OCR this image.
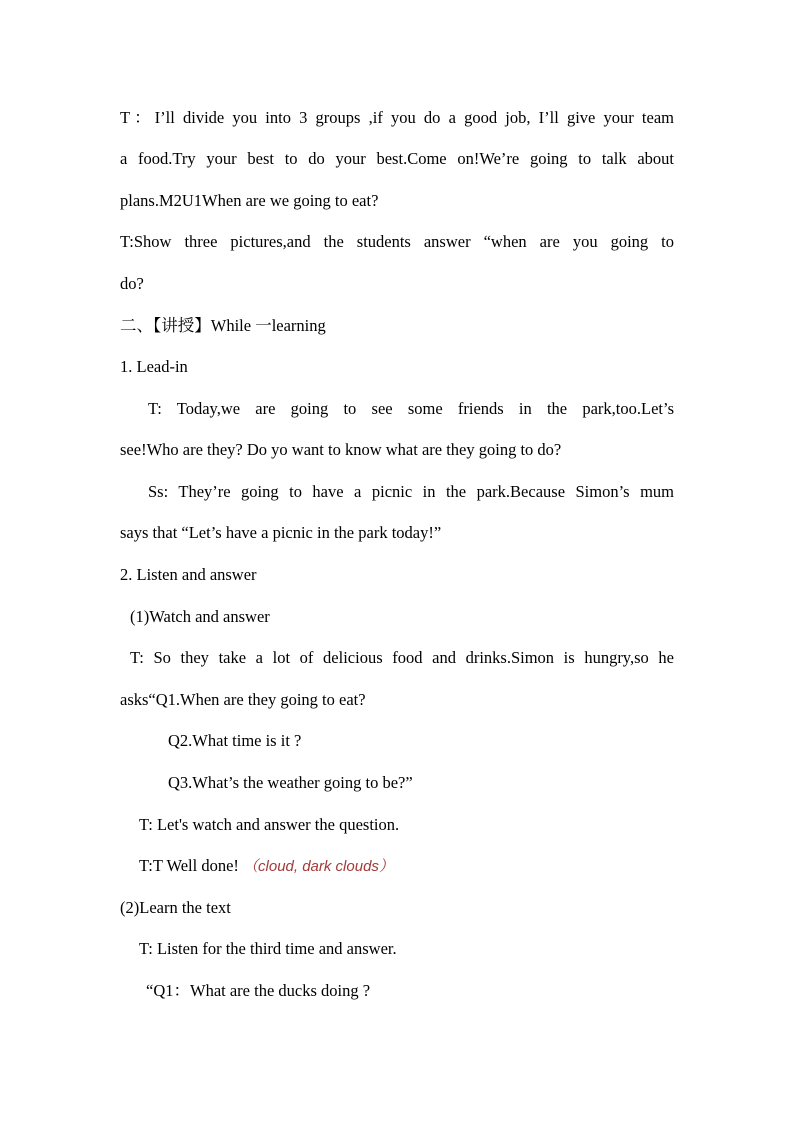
T：I’ll divide you into 3 groups ,if you do a good job, I’ll give your team
a food.Try your best to do your best.Come on!We’re going to talk about
plans.M2U1When are we going to eat?
T:Show three pictures,and the students answer “when are you going to
do?
二、【讲授】While 一learning
1. Lead-in
T: Today,we are going to see some friends in the park,too.Let’s
see!Who are they? Do yo want to know what are they going to do?
Ss: They’re going to have a picnic in the park.Because Simon’s mum
says that “Let’s have a picnic in the park today!”
2. Listen and answer
(1)Watch and answer
T: So they take a lot of delicious food and drinks.Simon is hungry,so he
asks“Q1.When are they going to eat?
Q2.What time is it ?
Q3.What’s the weather going to be?”
T: Let's watch and answer the question.
T:T Well done! （cloud, dark clouds）
(2)Learn the text
T: Listen for the third time and answer.
“Q1：What are the ducks doing ?
